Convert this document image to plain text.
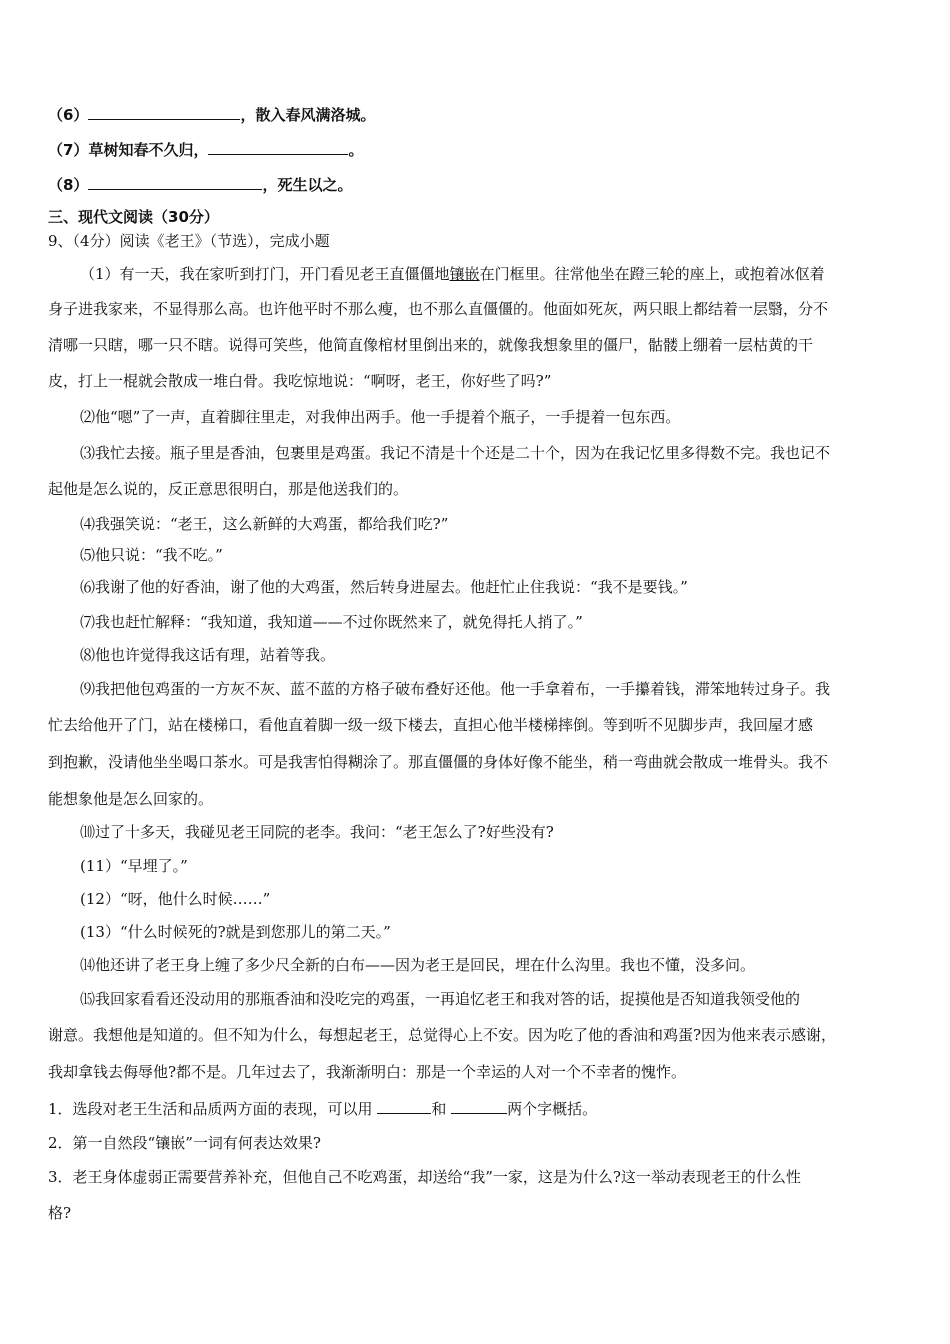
（6）	，散入春风满洛城。
（7）草树知春不久归，	。
（8）	，死生以之。
三、现代文阅读（30分）
9、（4分）阅读《老王》（节选），完成小题
（1）有一天，我在家听到打门，开门看见老王直僵僵地镶嵌在门框里。往常他坐在蹬三轮的座上，或抱着冰伛着
身子进我家来，不显得那么高。也许他平时不那么瘦，也不那么直僵僵的。他面如死灰，两只眼上都结着一层翳，分不
清哪一只瞎，哪一只不瞎。说得可笑些，他简直像棺材里倒出来的，就像我想象里的僵尸，骷髅上绷着一层枯黄的干
皮，打上一棍就会散成一堆白骨。我吃惊地说：“啊呀，老王，你好些了吗?”
⑵他“嗯”了一声，直着脚往里走，对我伸出两手。他一手提着个瓶子，一手提着一包东西。
⑶我忙去接。瓶子里是香油，包裹里是鸡蛋。我记不清是十个还是二十个，因为在我记忆里多得数不完。我也记不
起他是怎么说的，反正意思很明白，那是他送我们的。
⑷我强笑说：“老王，这么新鲜的大鸡蛋，都给我们吃?”
⑸他只说：“我不吃。”
⑹我谢了他的好香油，谢了他的大鸡蛋，然后转身进屋去。他赶忙止住我说：“我不是要钱。”
⑺我也赶忙解释：“我知道，我知道——不过你既然来了，就免得托人捎了。”
⑻他也许觉得我这话有理，站着等我。
⑼我把他包鸡蛋的一方灰不灰、蓝不蓝的方格子破布叠好还他。他一手拿着布，一手攥着钱，滞笨地转过身子。我
忙去给他开了门，站在楼梯口，看他直着脚一级一级下楼去，直担心他半楼梯摔倒。等到听不见脚步声，我回屋才感
到抱歉，没请他坐坐喝口茶水。可是我害怕得糊涂了。那直僵僵的身体好像不能坐，稍一弯曲就会散成一堆骨头。我不
能想象他是怎么回家的。
⑽过了十多天，我碰见老王同院的老李。我问：“老王怎么了?好些没有?
(11）“早埋了。”
(12）“呀，他什么时候……”
(13）“什么时候死的?就是到您那儿的第二天。”
⒁他还讲了老王身上缠了多少尺全新的白布——因为老王是回民，埋在什么沟里。我也不懂，没多问。
⒂我回家看看还没动用的那瓶香油和没吃完的鸡蛋，一再追忆老王和我对答的话，捉摸他是否知道我领受他的
谢意。我想他是知道的。但不知为什么，每想起老王，总觉得心上不安。因为吃了他的香油和鸡蛋?因为他来表示感谢，
我却拿钱去侮辱他?都不是。几年过去了，我渐渐明白：那是一个幸运的人对一个不幸者的愧怍。
1．选段对老王生活和品质两方面的表现，可以用	和	两个字概括。
2．第一自然段“镶嵌”一词有何表达效果?
3．老王身体虚弱正需要营养补充，但他自己不吃鸡蛋，却送给“我”一家，这是为什么?这一举动表现老王的什么性
格?
